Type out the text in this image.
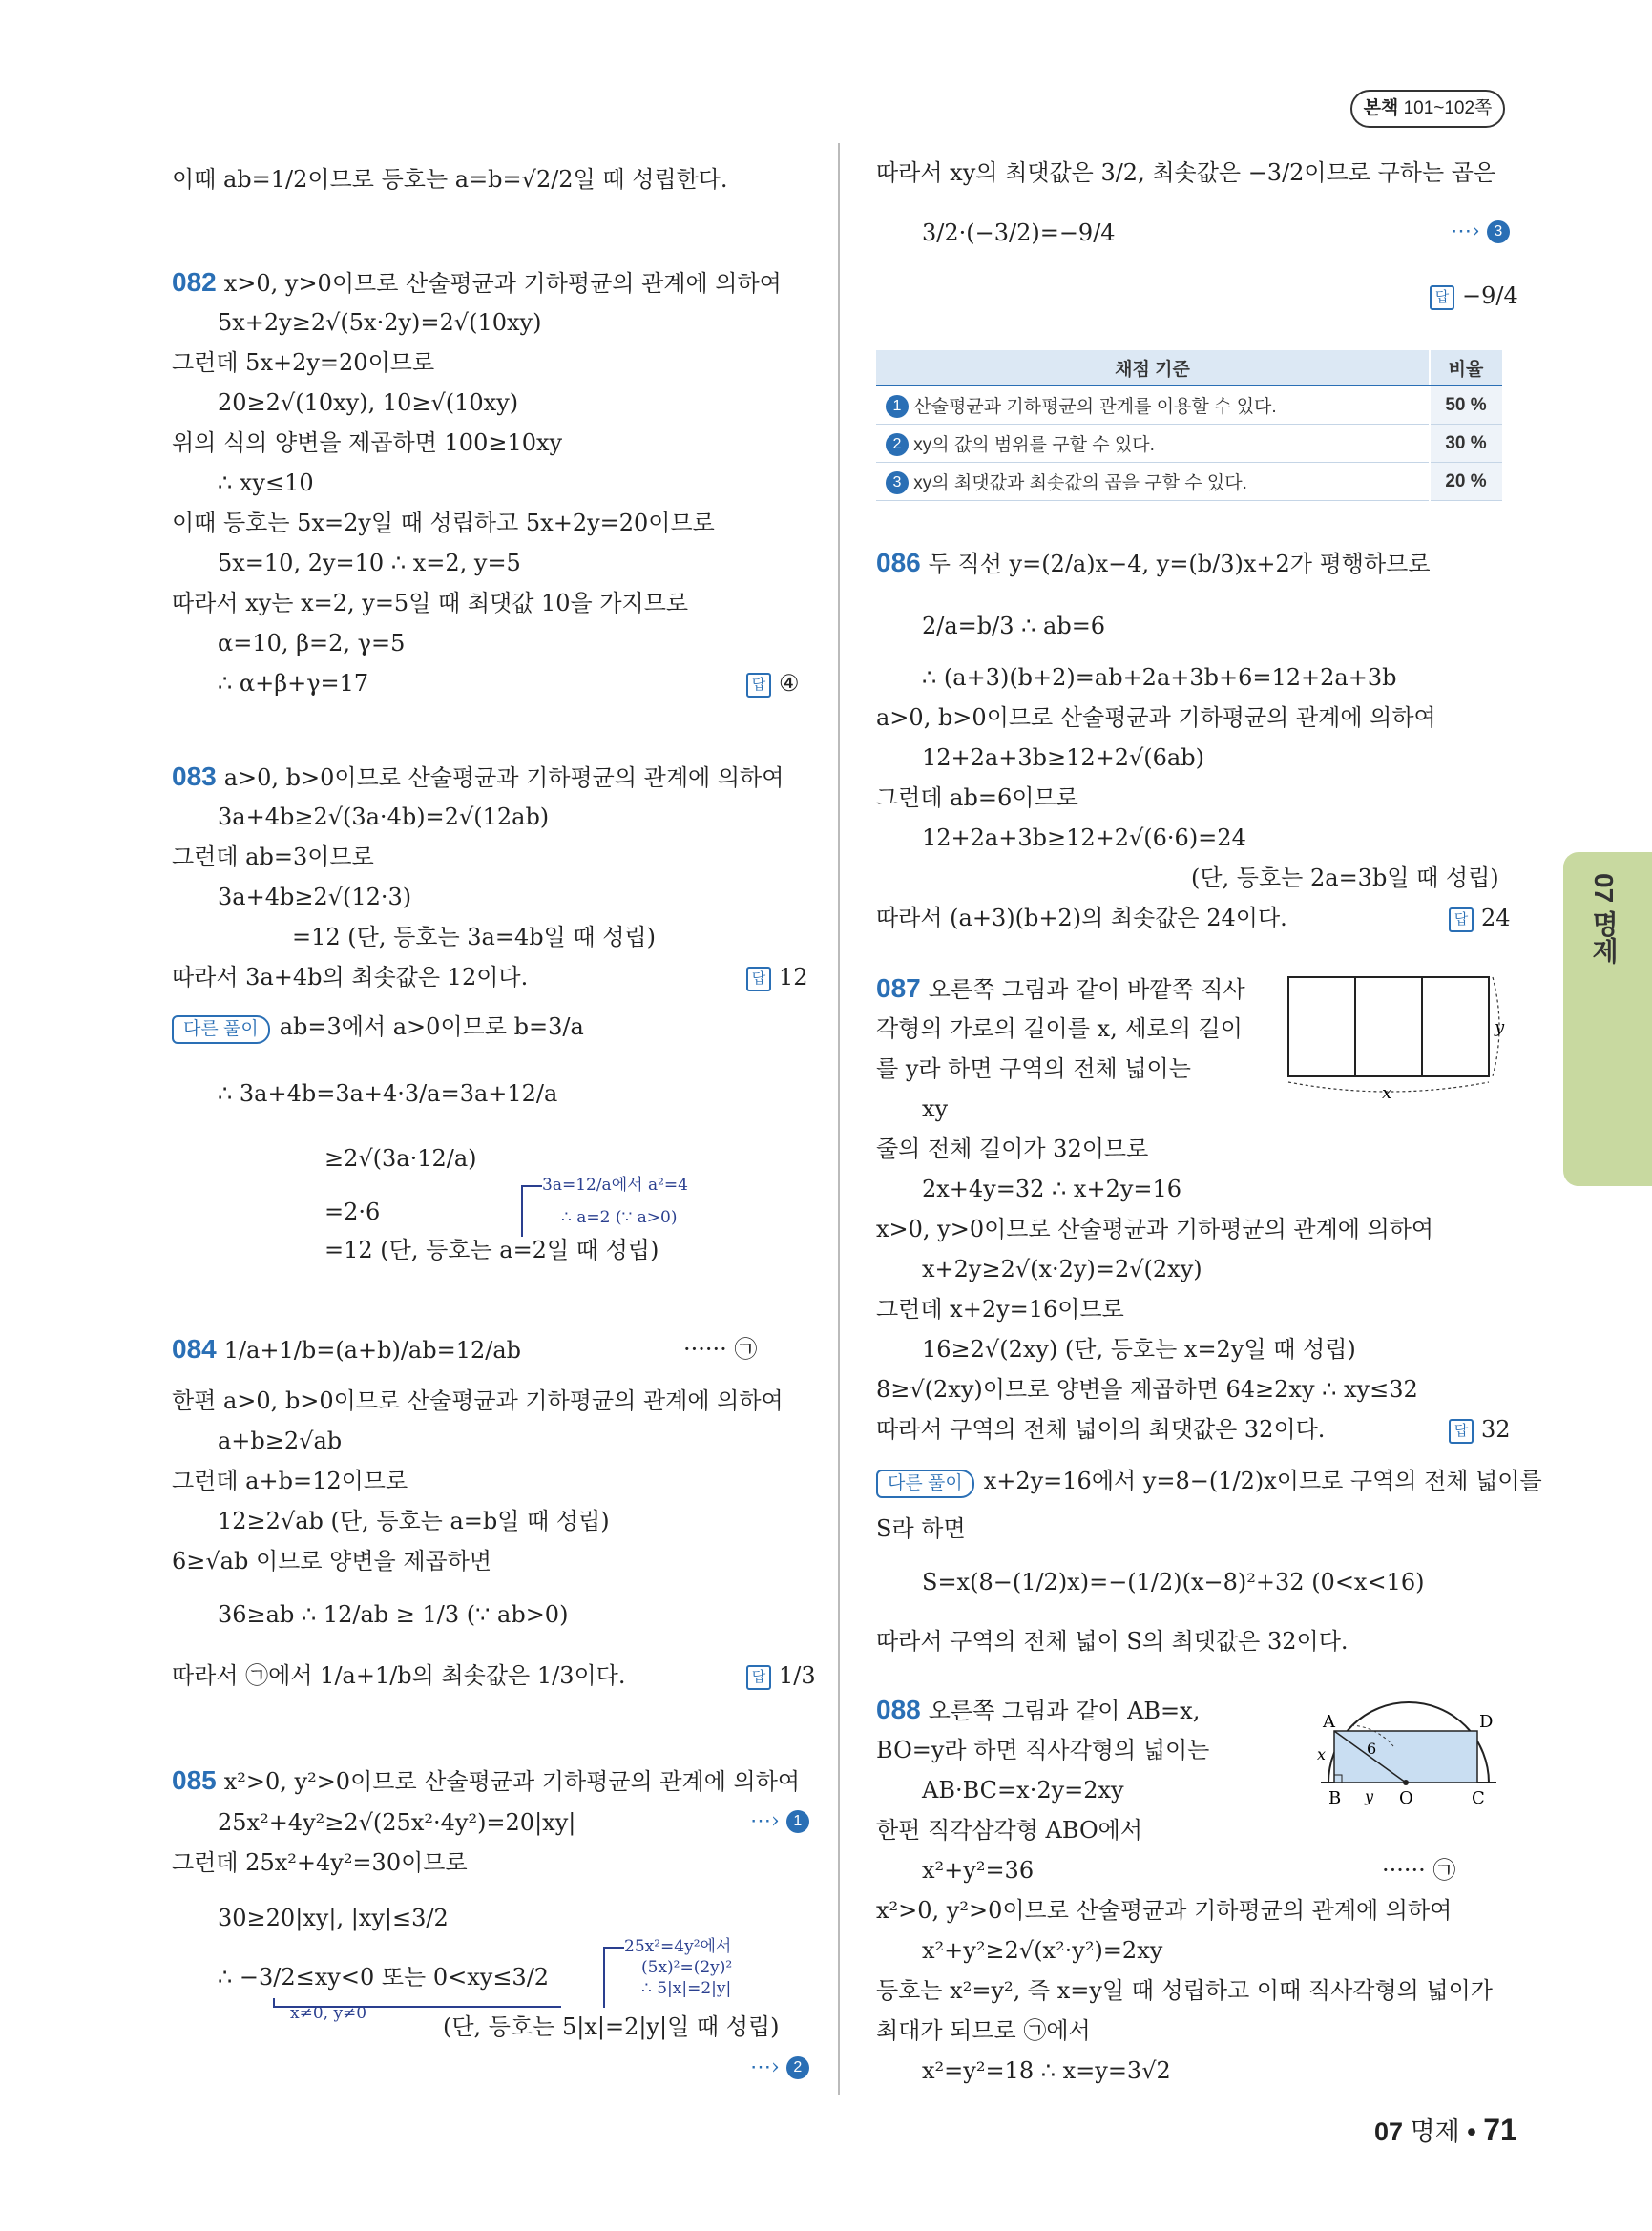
본책 101~102쪽
이때 ab=1/2이므로 등호는 a=b=√2/2일 때 성립한다.
082 x>0, y>0이므로 산술평균과 기하평균의 관계에 의하여
5x+2y≥2√(5x·2y)=2√(10xy)
그런데 5x+2y=20이므로
20≥2√(10xy), 10≥√(10xy)
위의 식의 양변을 제곱하면 100≥10xy
∴ xy≤10
이때 등호는 5x=2y일 때 성립하고 5x+2y=20이므로
5x=10, 2y=10 ∴ x=2, y=5
따라서 xy는 x=2, y=5일 때 최댓값 10을 가지므로
α=10, β=2, γ=5
∴ α+β+γ=17	답 ④
083 a>0, b>0이므로 산술평균과 기하평균의 관계에 의하여
3a+4b≥2√(3a·4b)=2√(12ab)
그런데 ab=3이므로
3a+4b≥2√(12·3)
=12 (단, 등호는 3a=4b일 때 성립)
따라서 3a+4b의 최솟값은 12이다.	답 12
다른 풀이 ab=3에서 a>0이므로 b=3/a
∴ 3a+4b=3a+4·3/a=3a+12/a
≥2√(3a·12/a)
=2·6
=12 (단, 등호는 a=2일 때 성립)
3a=12/a에서 a²=4
∴ a=2 (∵ a>0)
084 1/a+1/b=(a+b)/ab=12/ab	······ ㉠
한편 a>0, b>0이므로 산술평균과 기하평균의 관계에 의하여
a+b≥2√ab
그런데 a+b=12이므로
12≥2√ab (단, 등호는 a=b일 때 성립)
6≥√ab 이므로 양변을 제곱하면
36≥ab ∴ 12/ab ≥ 1/3 (∵ ab>0)
따라서 ㉠에서 1/a+1/b의 최솟값은 1/3이다.	답 1/3
085 x²>0, y²>0이므로 산술평균과 기하평균의 관계에 의하여
25x²+4y²≥2√(25x²·4y²)=20|xy|	⋯› 1
그런데 25x²+4y²=30이므로
30≥20|xy|, |xy|≤3/2
∴ −3/2≤xy<0 또는 0<xy≤3/2
x≠0, y≠0	(단, 등호는 5|x|=2|y|일 때 성립)
⋯› 2
25x²=4y²에서
(5x)²=(2y)²
∴ 5|x|=2|y|
따라서 xy의 최댓값은 3/2, 최솟값은 −3/2이므로 구하는 곱은
3/2·(−3/2)=−9/4	⋯› 3
답 −9/4
채점 기준	비율
1 산술평균과 기하평균의 관계를 이용할 수 있다.	50 %
2 xy의 값의 범위를 구할 수 있다.	30 %
3 xy의 최댓값과 최솟값의 곱을 구할 수 있다.	20 %
086 두 직선 y=(2/a)x−4, y=(b/3)x+2가 평행하므로
2/a=b/3 ∴ ab=6
∴ (a+3)(b+2)=ab+2a+3b+6=12+2a+3b
a>0, b>0이므로 산술평균과 기하평균의 관계에 의하여
12+2a+3b≥12+2√(6ab)
그런데 ab=6이므로
12+2a+3b≥12+2√(6·6)=24
(단, 등호는 2a=3b일 때 성립)
따라서 (a+3)(b+2)의 최솟값은 24이다.	답 24
087 오른쪽 그림과 같이 바깥쪽 직사
각형의 가로의 길이를 x, 세로의 길이
를 y라 하면 구역의 전체 넓이는
xy
줄의 전체 길이가 32이므로
2x+4y=32 ∴ x+2y=16
x>0, y>0이므로 산술평균과 기하평균의 관계에 의하여
x+2y≥2√(x·2y)=2√(2xy)
그런데 x+2y=16이므로
16≥2√(2xy) (단, 등호는 x=2y일 때 성립)
8≥√(2xy)이므로 양변을 제곱하면 64≥2xy ∴ xy≤32
따라서 구역의 전체 넓이의 최댓값은 32이다.	답 32
다른 풀이 x+2y=16에서 y=8−(1/2)x이므로 구역의 전체 넓이를
S라 하면
S=x(8−(1/2)x)=−(1/2)(x−8)²+32 (0<x<16)
따라서 구역의 전체 넓이 S의 최댓값은 32이다.
x
y
088 오른쪽 그림과 같이 AB=x,
BO=y라 하면 직사각형의 넓이는
AB·BC=x·2y=2xy
한편 직각삼각형 ABO에서
x²+y²=36	······ ㉠
x²>0, y²>0이므로 산술평균과 기하평균의 관계에 의하여
x²+y²≥2√(x²·y²)=2xy
등호는 x²=y², 즉 x=y일 때 성립하고 이때 직사각형의 넓이가
최대가 되므로 ㉠에서
x²=y²=18 ∴ x=y=3√2
A	D
B	O	C
6
x
y
07 명제
07 명제 • 71
